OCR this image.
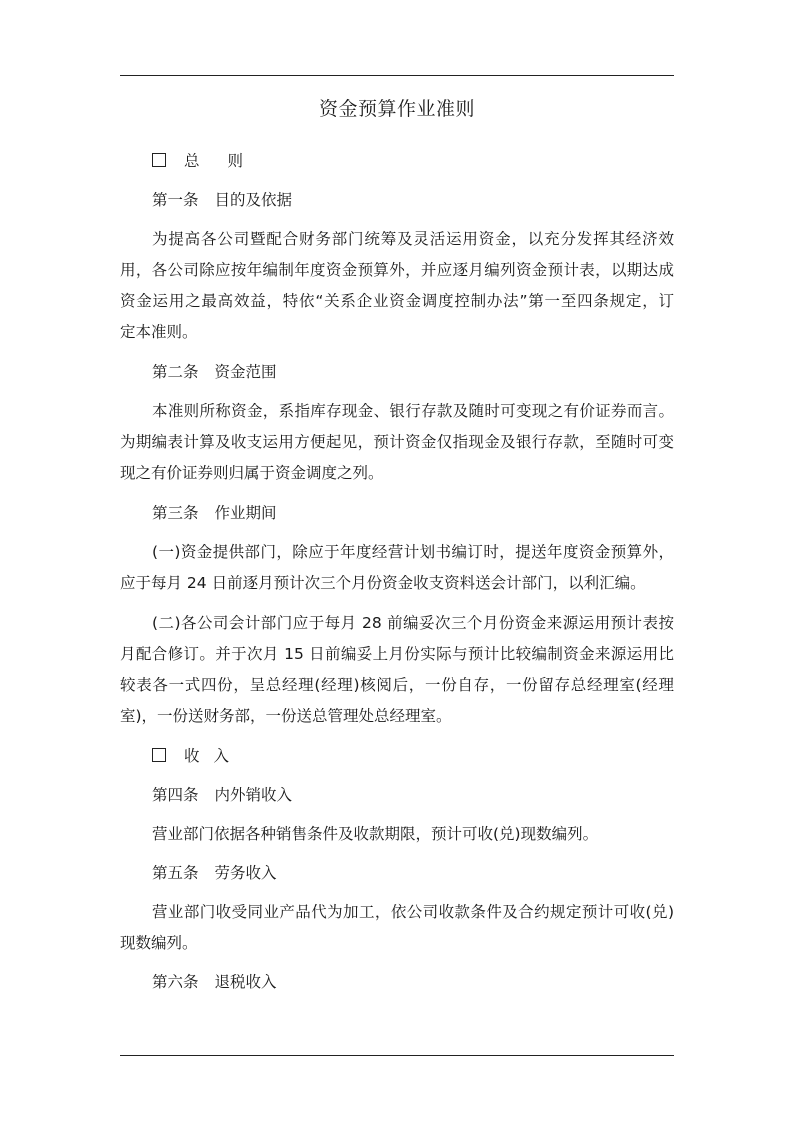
资金预算作业准则
总 则
第一条 目的及依据
为提高各公司暨配合财务部门统筹及灵活运用资金，以充分发挥其经济效
用，各公司除应按年编制年度资金预算外，并应逐月编列资金预计表，以期达成
资金运用之最高效益，特依“关系企业资金调度控制办法”第一至四条规定，订
定本准则。
第二条 资金范围
本准则所称资金，系指库存现金、银行存款及随时可变现之有价证券而言。
为期编表计算及收支运用方便起见，预计资金仅指现金及银行存款，至随时可变
现之有价证券则归属于资金调度之列。
第三条 作业期间
(一)资金提供部门，除应于年度经营计划书编订时，提送年度资金预算外，
应于每月 24 日前逐月预计次三个月份资金收支资料送会计部门，以利汇编。
(二)各公司会计部门应于每月 28 前编妥次三个月份资金来源运用预计表按
月配合修订。并于次月 15 日前编妥上月份实际与预计比较编制资金来源运用比
较表各一式四份，呈总经理(经理)核阅后，一份自存，一份留存总经理室(经理
室)，一份送财务部，一份送总管理处总经理室。
收 入
第四条 内外销收入
营业部门依据各种销售条件及收款期限，预计可收(兑)现数编列。
第五条 劳务收入
营业部门收受同业产品代为加工，依公司收款条件及合约规定预计可收(兑)
现数编列。
第六条 退税收入
